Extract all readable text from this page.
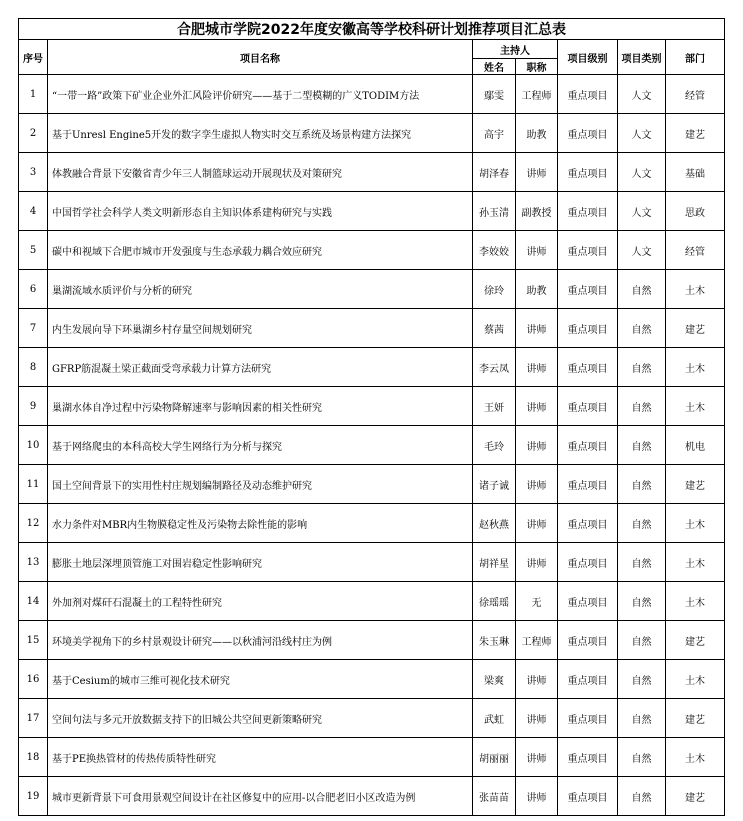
合肥城市学院2022年度安徽高等学校科研计划推荐项目汇总表						
序号	项目名称	主持人		项目级别	项目类别	部门
		姓名	职称			
1	“一带一路”政策下矿业企业外汇风险评价研究——基于二型模糊的广义TODIM方法	鄢雯	工程师	重点项目	人文	经管
2	基于Unresl Engine5开发的数字孪生虚拟人物实时交互系统及场景构建方法探究	高宇	助教	重点项目	人文	建艺
3	体教融合背景下安徽省青少年三人制篮球运动开展现状及对策研究	胡泽春	讲师	重点项目	人文	基础
4	中国哲学社会科学人类文明新形态自主知识体系建构研究与实践	孙玉清	副教授	重点项目	人文	思政
5	碳中和视域下合肥市城市开发强度与生态承载力耦合效应研究	李姣姣	讲师	重点项目	人文	经管
6	巢湖流域水质评价与分析的研究	徐玲	助教	重点项目	自然	土木
7	内生发展向导下环巢湖乡村存量空间规划研究	蔡茜	讲师	重点项目	自然	建艺
8	GFRP筋混凝土梁正截面受弯承载力计算方法研究	李云凤	讲师	重点项目	自然	土木
9	巢湖水体自净过程中污染物降解速率与影响因素的相关性研究	王妍	讲师	重点项目	自然	土木
10	基于网络爬虫的本科高校大学生网络行为分析与探究	毛玲	讲师	重点项目	自然	机电
11	国土空间背景下的实用性村庄规划编制路径及动态维护研究	诸子诚	讲师	重点项目	自然	建艺
12	水力条件对MBR内生物膜稳定性及污染物去除性能的影响	赵秋燕	讲师	重点项目	自然	土木
13	膨胀土地层深埋顶管施工对围岩稳定性影响研究	胡祥星	讲师	重点项目	自然	土木
14	外加剂对煤矸石混凝土的工程特性研究	徐瑶瑶	无	重点项目	自然	土木
15	环境美学视角下的乡村景观设计研究——以秋浦河沿线村庄为例	朱玉琳	工程师	重点项目	自然	建艺
16	基于Cesium的城市三维可视化技术研究	梁爽	讲师	重点项目	自然	土木
17	空间句法与多元开放数据支持下的旧城公共空间更新策略研究	武虹	讲师	重点项目	自然	建艺
18	基于PE换热管材的传热传质特性研究	胡丽丽	讲师	重点项目	自然	土木
19	城市更新背景下可食用景观空间设计在社区修复中的应用-以合肥老旧小区改造为例	张苗苗	讲师	重点项目	自然	建艺
